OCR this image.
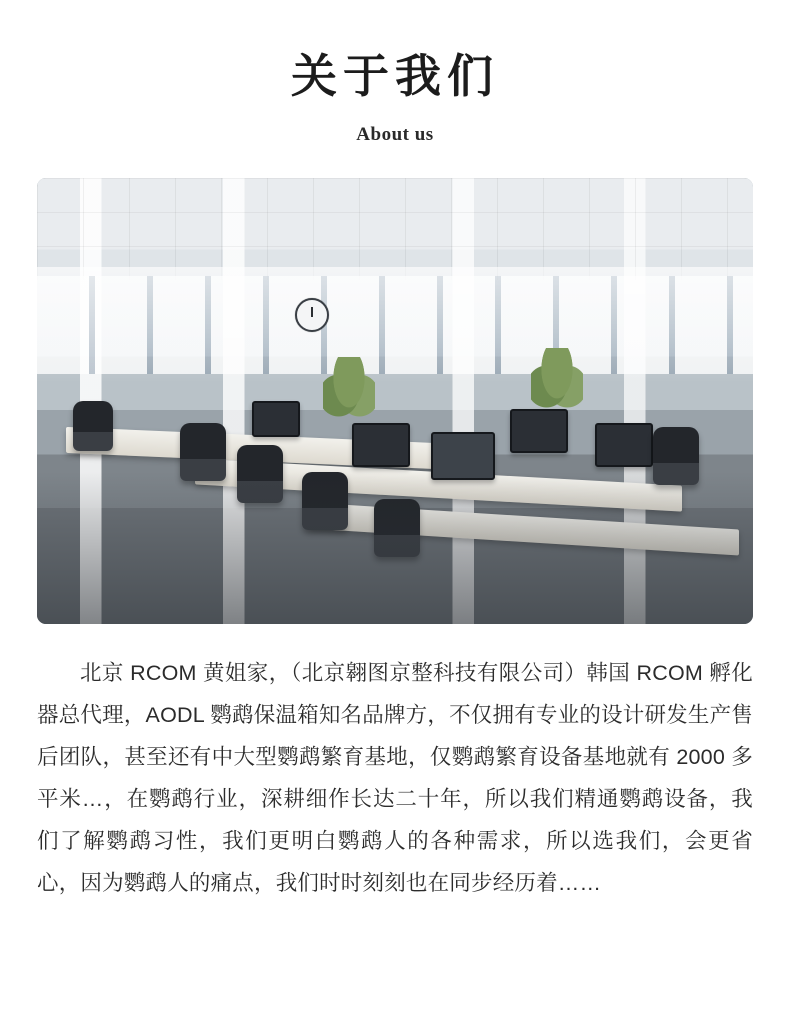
关于我们

About us

北京 RCOM 黄姐家，（北京翱图京整科技有限公司）韩国 RCOM 孵化器总代理，AODL 鹦鹉保温箱知名品牌方，不仅拥有专业的设计研发生产售后团队，甚至还有中大型鹦鹉繁育基地，仅鹦鹉繁育设备基地就有 2000 多平米…，在鹦鹉行业，深耕细作长达二十年，所以我们精通鹦鹉设备，我们了解鹦鹉习性，我们更明白鹦鹉人的各种需求，所以选我们，会更省心，因为鹦鹉人的痛点，我们时时刻刻也在同步经历着……
